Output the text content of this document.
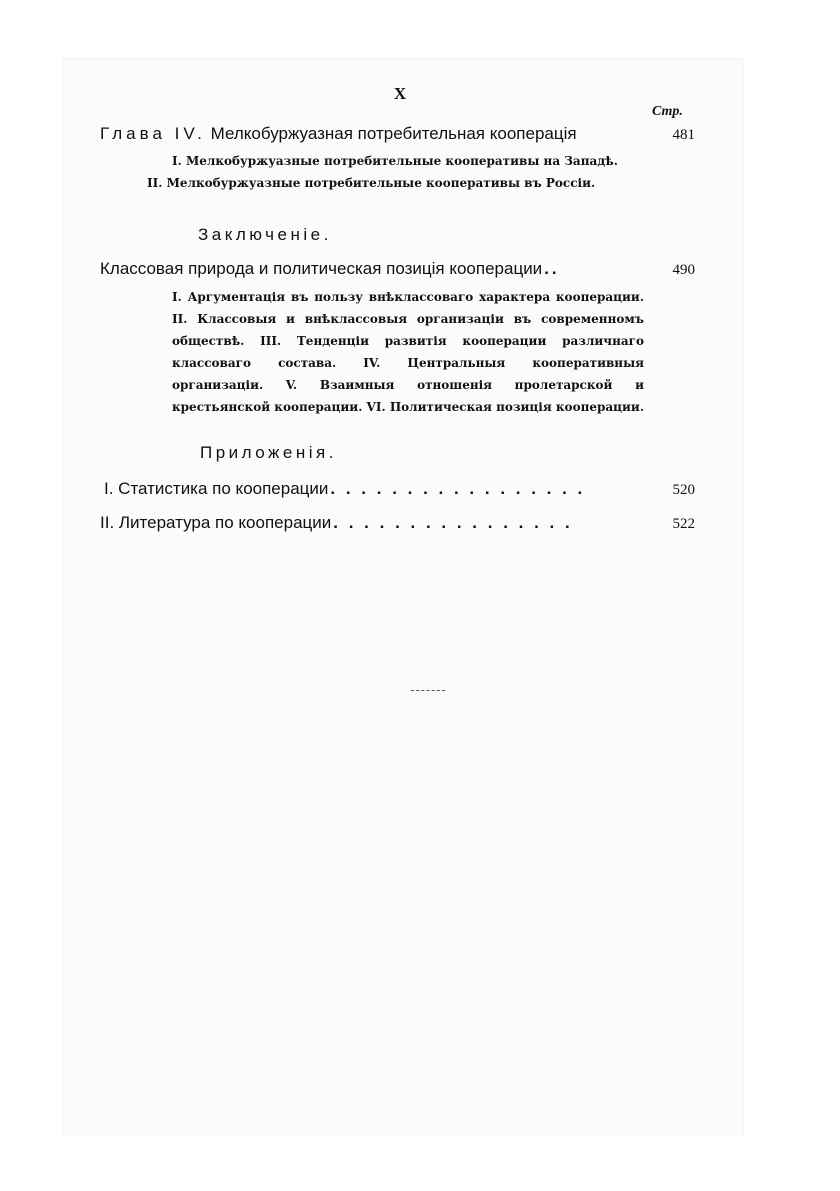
X
Стр.
Глава IV. Мелкобуржуазная потребительная кооперація	481
I. Мелкобуржуазные потребительные кооперативы на Западѣ.
II. Мелкобуржуазные потребительные кооперативы въ Россіи.
Заключеніе.
Классовая природа и политическая позиція кооперации ..	490
I. Аргументація въ пользу внѣклассоваго характера кооперации. II. Классовыя и внѣклассовыя организаціи въ современномъ обществѣ. III. Тенденціи развитія кооперации различнаго классоваго состава. IV. Центральныя кооперативныя организаціи. V. Взаимныя отношенія пролетарской и крестьянской кооперации. VI. Политическая позиція кооперации.
Приложенія.
I. Статистика по кооперации . . . . . . . . . . . . . . . . .	520
II. Литература по кооперации . . . . . . . . . . . . . . . .	522
